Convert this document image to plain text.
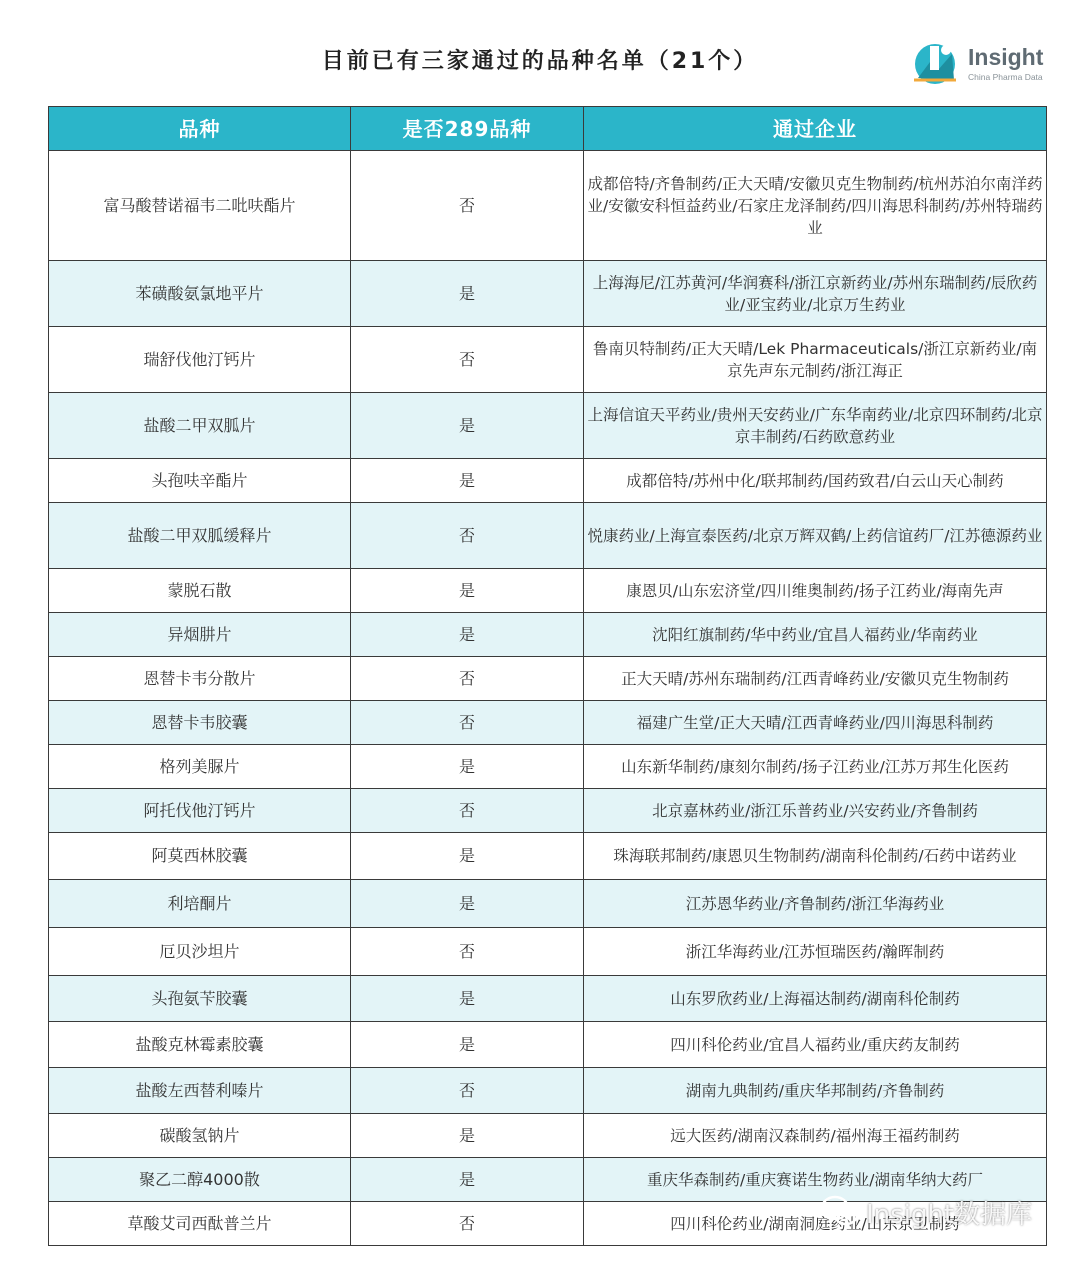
目前已有三家通过的品种名单（21个）	Insight
China Pharma Data
品种	是否289品种	通过企业
富马酸替诺福韦二吡呋酯片	否	成都倍特/齐鲁制药/正大天晴/安徽贝克生物制药/杭州苏泊尔南洋药业/安徽安科恒益药业/石家庄龙泽制药/四川海思科制药/苏州特瑞药业
苯磺酸氨氯地平片	是	上海海尼/江苏黄河/华润赛科/浙江京新药业/苏州东瑞制药/辰欣药业/亚宝药业/北京万生药业
瑞舒伐他汀钙片	否	鲁南贝特制药/正大天晴/Lek Pharmaceuticals/浙江京新药业/南京先声东元制药/浙江海正
盐酸二甲双胍片	是	上海信谊天平药业/贵州天安药业/广东华南药业/北京四环制药/北京京丰制药/石药欧意药业
头孢呋辛酯片	是	成都倍特/苏州中化/联邦制药/国药致君/白云山天心制药
盐酸二甲双胍缓释片	否	悦康药业/上海宣泰医药/北京万辉双鹤/上药信谊药厂/江苏德源药业
蒙脱石散	是	康恩贝/山东宏济堂/四川维奥制药/扬子江药业/海南先声
异烟肼片	是	沈阳红旗制药/华中药业/宜昌人福药业/华南药业
恩替卡韦分散片	否	正大天晴/苏州东瑞制药/江西青峰药业/安徽贝克生物制药
恩替卡韦胶囊	否	福建广生堂/正大天晴/江西青峰药业/四川海思科制药
格列美脲片	是	山东新华制药/康刻尔制药/扬子江药业/江苏万邦生化医药
阿托伐他汀钙片	否	北京嘉林药业/浙江乐普药业/兴安药业/齐鲁制药
阿莫西林胶囊	是	珠海联邦制药/康恩贝生物制药/湖南科伦制药/石药中诺药业
利培酮片	是	江苏恩华药业/齐鲁制药/浙江华海药业
厄贝沙坦片	否	浙江华海药业/江苏恒瑞医药/瀚晖制药
头孢氨苄胶囊	是	山东罗欣药业/上海福达制药/湖南科伦制药
盐酸克林霉素胶囊	是	四川科伦药业/宜昌人福药业/重庆药友制药
盐酸左西替利嗪片	否	湖南九典制药/重庆华邦制药/齐鲁制药
碳酸氢钠片	是	远大医药/湖南汉森制药/福州海王福药制药
聚乙二醇4000散	是	重庆华森制药/重庆赛诺生物药业/湖南华纳大药厂
草酸艾司西酞普兰片	否	四川科伦药业/湖南洞庭药业/山东京卫制药
Insight数据库
